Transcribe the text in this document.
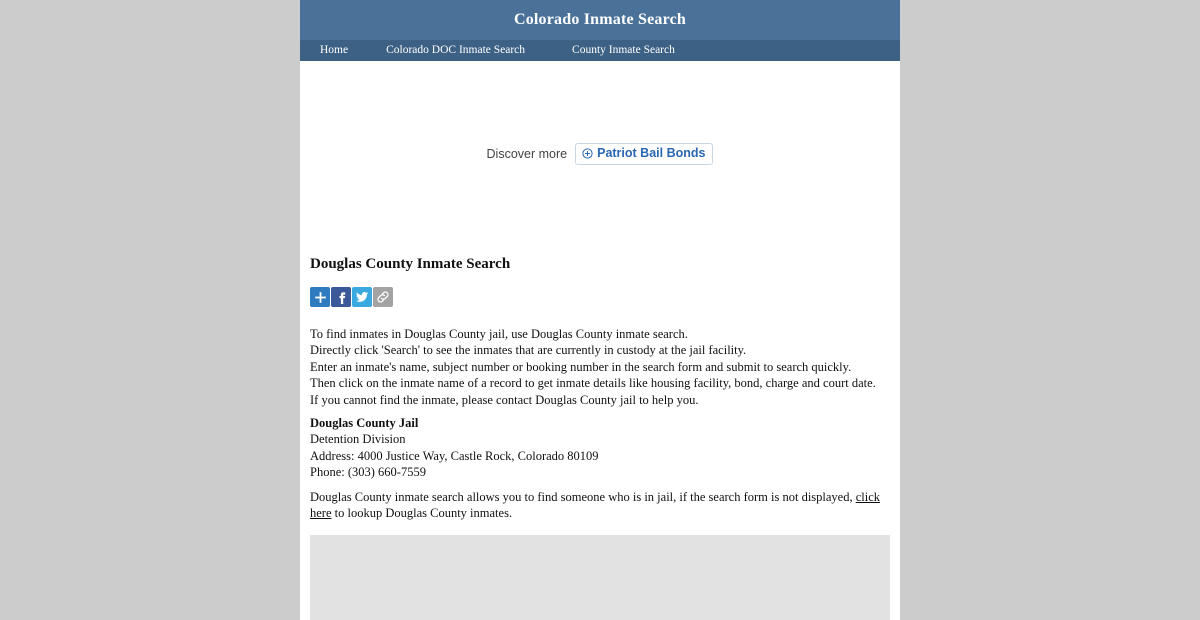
Colorado Inmate Search
Home	Colorado DOC Inmate Search	County Inmate Search
Discover more Patriot Bail Bonds
Douglas County Inmate Search

To find inmates in Douglas County jail, use Douglas County inmate search.

Directly click 'Search' to see the inmates that are currently in custody at the jail facility.

Enter an inmate's name, subject number or booking number in the search form and submit to search quickly.

Then click on the inmate name of a record to get inmate details like housing facility, bond, charge and court date.

If you cannot find the inmate, please contact Douglas County jail to help you.

Douglas County Jail

Detention Division

Address: 4000 Justice Way, Castle Rock, Colorado 80109

Phone: (303) 660-7559

Douglas County inmate search allows you to find someone who is in jail, if the search form is not displayed, click here to lookup Douglas County inmates.
